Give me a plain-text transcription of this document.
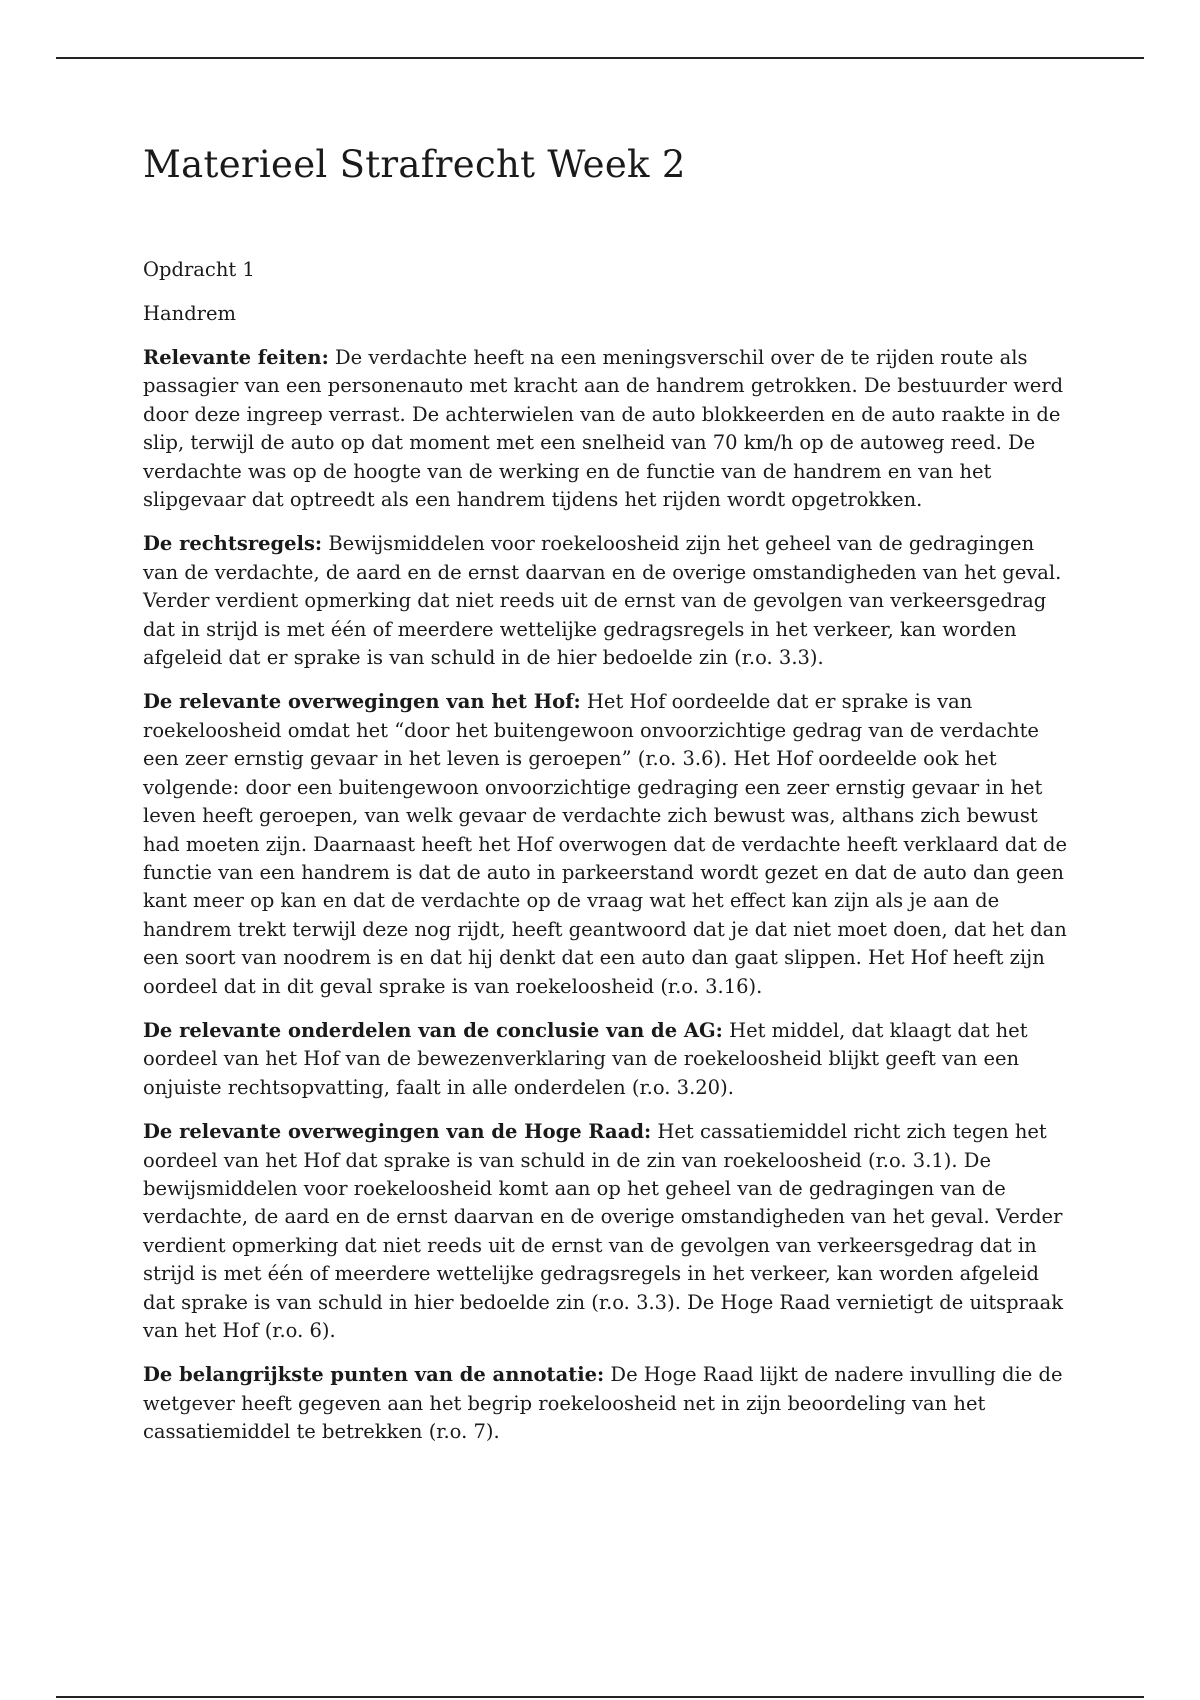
Materieel Strafrecht Week 2

Opdracht 1

Handrem

Relevante feiten: De verdachte heeft na een meningsverschil over de te rijden route als passagier van een personenauto met kracht aan de handrem getrokken. De bestuurder werd door deze ingreep verrast. De achterwielen van de auto blokkeerden en de auto raakte in de slip, terwijl de auto op dat moment met een snelheid van 70 km/h op de autoweg reed. De verdachte was op de hoogte van de werking en de functie van de handrem en van het slipgevaar dat optreedt als een handrem tijdens het rijden wordt opgetrokken.

De rechtsregels: Bewijsmiddelen voor roekeloosheid zijn het geheel van de gedragingen van de verdachte, de aard en de ernst daarvan en de overige omstandigheden van het geval. Verder verdient opmerking dat niet reeds uit de ernst van de gevolgen van verkeersgedrag dat in strijd is met één of meerdere wettelijke gedragsregels in het verkeer, kan worden afgeleid dat er sprake is van schuld in de hier bedoelde zin (r.o. 3.3).

De relevante overwegingen van het Hof: Het Hof oordeelde dat er sprake is van roekeloosheid omdat het “door het buitengewoon onvoorzichtige gedrag van de verdachte een zeer ernstig gevaar in het leven is geroepen” (r.o. 3.6). Het Hof oordeelde ook het volgende: door een buitengewoon onvoorzichtige gedraging een zeer ernstig gevaar in het leven heeft geroepen, van welk gevaar de verdachte zich bewust was, althans zich bewust had moeten zijn. Daarnaast heeft het Hof overwogen dat de verdachte heeft verklaard dat de functie van een handrem is dat de auto in parkeerstand wordt gezet en dat de auto dan geen kant meer op kan en dat de verdachte op de vraag wat het effect kan zijn als je aan de handrem trekt terwijl deze nog rijdt, heeft geantwoord dat je dat niet moet doen, dat het dan een soort van noodrem is en dat hij denkt dat een auto dan gaat slippen. Het Hof heeft zijn oordeel dat in dit geval sprake is van roekeloosheid (r.o. 3.16).

De relevante onderdelen van de conclusie van de AG: Het middel, dat klaagt dat het oordeel van het Hof van de bewezenverklaring van de roekeloosheid blijkt geeft van een onjuiste rechtsopvatting, faalt in alle onderdelen (r.o. 3.20).

De relevante overwegingen van de Hoge Raad: Het cassatiemiddel richt zich tegen het oordeel van het Hof dat sprake is van schuld in de zin van roekeloosheid (r.o. 3.1). De bewijsmiddelen voor roekeloosheid komt aan op het geheel van de gedragingen van de verdachte, de aard en de ernst daarvan en de overige omstandigheden van het geval. Verder verdient opmerking dat niet reeds uit de ernst van de gevolgen van verkeersgedrag dat in strijd is met één of meerdere wettelijke gedragsregels in het verkeer, kan worden afgeleid dat sprake is van schuld in hier bedoelde zin (r.o. 3.3). De Hoge Raad vernietigt de uitspraak van het Hof (r.o. 6).

De belangrijkste punten van de annotatie: De Hoge Raad lijkt de nadere invulling die de wetgever heeft gegeven aan het begrip roekeloosheid net in zijn beoordeling van het cassatiemiddel te betrekken (r.o. 7).
